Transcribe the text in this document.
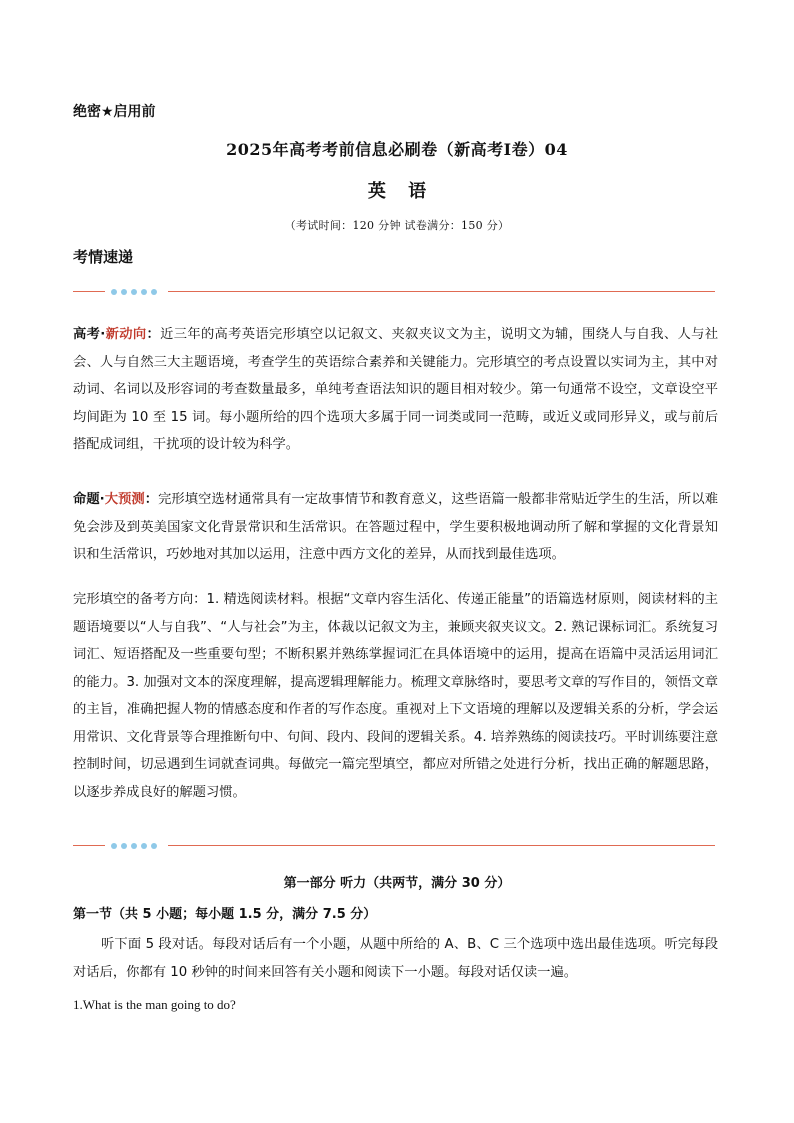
绝密★启用前
2025年高考考前信息必刷卷（新高考I卷）04
英 语
（考试时间：120 分钟 试卷满分：150 分）
考情速递
高考·新动向：近三年的高考英语完形填空以记叙文、夹叙夹议文为主，说明文为辅，围绕人与自我、人与社会、人与自然三大主题语境，考查学生的英语综合素养和关键能力。完形填空的考点设置以实词为主，其中对动词、名词以及形容词的考查数量最多，单纯考查语法知识的题目相对较少。第一句通常不设空，文章设空平均间距为 10 至 15 词。每小题所给的四个选项大多属于同一词类或同一范畴，或近义或同形异义，或与前后搭配成词组，干扰项的设计较为科学。
命题·大预测：完形填空选材通常具有一定故事情节和教育意义，这些语篇一般都非常贴近学生的生活，所以难免会涉及到英美国家文化背景常识和生活常识。在答题过程中，学生要积极地调动所了解和掌握的文化背景知识和生活常识，巧妙地对其加以运用，注意中西方文化的差异，从而找到最佳选项。
完形填空的备考方向：1. 精选阅读材料。根据“文章内容生活化、传递正能量”的语篇选材原则，阅读材料的主题语境要以“人与自我”、“人与社会”为主，体裁以记叙文为主，兼顾夹叙夹议文。2. 熟记课标词汇。系统复习词汇、短语搭配及一些重要句型；不断积累并熟练掌握词汇在具体语境中的运用，提高在语篇中灵活运用词汇的能力。3. 加强对文本的深度理解，提高逻辑理解能力。梳理文章脉络时，要思考文章的写作目的，领悟文章的主旨，准确把握人物的情感态度和作者的写作态度。重视对上下文语境的理解以及逻辑关系的分析，学会运用常识、文化背景等合理推断句中、句间、段内、段间的逻辑关系。4. 培养熟练的阅读技巧。平时训练要注意控制时间，切忌遇到生词就查词典。每做完一篇完型填空，都应对所错之处进行分析，找出正确的解题思路，以逐步养成良好的解题习惯。
第一部分 听力（共两节，满分 30 分）
第一节（共 5 小题；每小题 1.5 分，满分 7.5 分）
听下面 5 段对话。每段对话后有一个小题，从题中所给的 A、B、C 三个选项中选出最佳选项。听完每段对话后，你都有 10 秒钟的时间来回答有关小题和阅读下一小题。每段对话仅读一遍。
1.What is the man going to do?
